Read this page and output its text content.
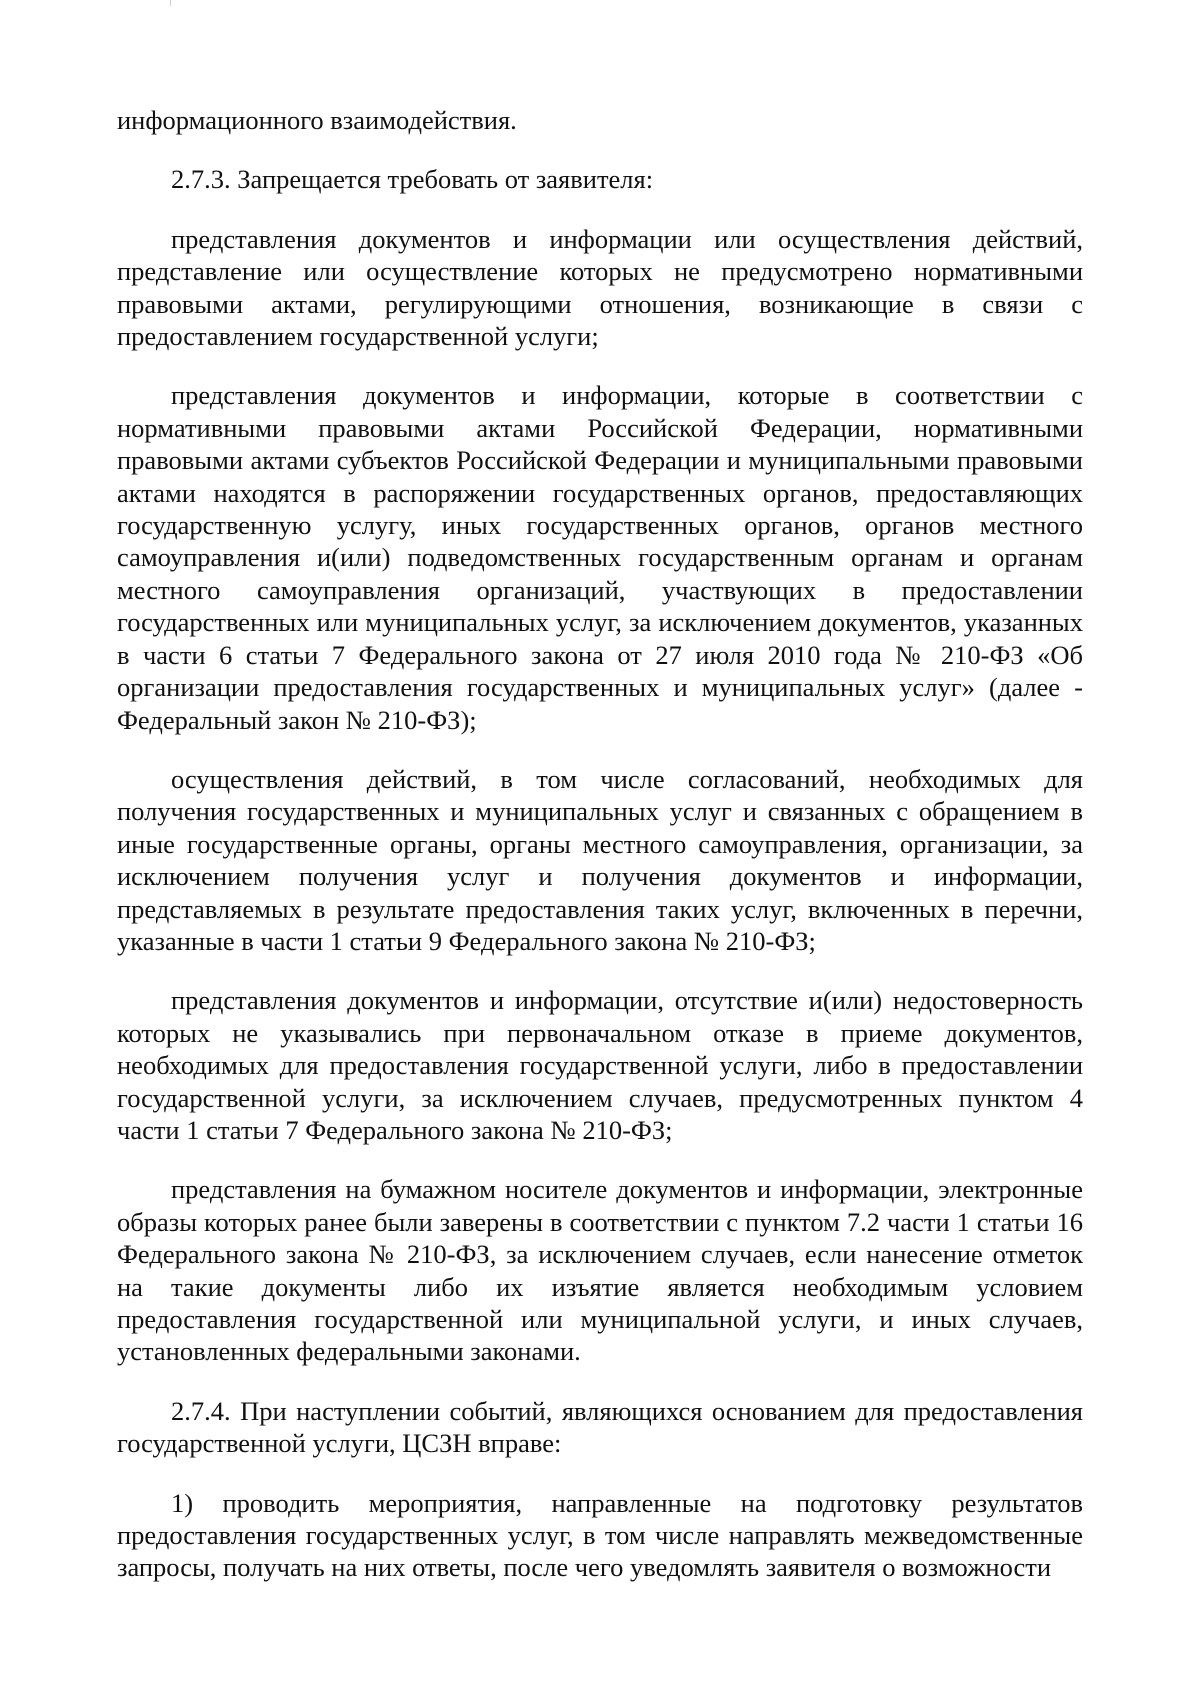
информационного взаимодействия.

2.7.3. Запрещается требовать от заявителя:

представления документов и информации или осуществления действий, представление или осуществление которых не предусмотрено нормативными правовыми актами, регулирующими отношения, возникающие в связи с предоставлением государственной услуги;

представления документов и информации, которые в соответствии с нормативными правовыми актами Российской Федерации, нормативными правовыми актами субъектов Российской Федерации и муниципальными правовыми актами находятся в распоряжении государственных органов, предоставляющих государственную услугу, иных государственных органов, органов местного самоуправления и(или) подведомственных государственным органам и органам местного самоуправления организаций, участвующих в предоставлении государственных или муниципальных услуг, за исключением документов, указанных в части 6 статьи 7 Федерального закона от 27 июля 2010 года № 210-ФЗ «Об организации предоставления государственных и муниципальных услуг» (далее - Федеральный закон № 210-ФЗ);

осуществления действий, в том числе согласований, необходимых для получения государственных и муниципальных услуг и связанных с обращением в иные государственные органы, органы местного самоуправления, организации, за исключением получения услуг и получения документов и информации, представляемых в результате предоставления таких услуг, включенных в перечни, указанные в части 1 статьи 9 Федерального закона № 210-ФЗ;

представления документов и информации, отсутствие и(или) недостоверность которых не указывались при первоначальном отказе в приеме документов, необходимых для предоставления государственной услуги, либо в предоставлении государственной услуги, за исключением случаев, предусмотренных пунктом 4 части 1 статьи 7 Федерального закона № 210-ФЗ;

представления на бумажном носителе документов и информации, электронные образы которых ранее были заверены в соответствии с пунктом 7.2 части 1 статьи 16 Федерального закона № 210-ФЗ, за исключением случаев, если нанесение отметок на такие документы либо их изъятие является необходимым условием предоставления государственной или муниципальной услуги, и иных случаев, установленных федеральными законами.

2.7.4. При наступлении событий, являющихся основанием для предоставления государственной услуги, ЦСЗН вправе:

1) проводить мероприятия, направленные на подготовку результатов предоставления государственных услуг, в том числе направлять межведомственные запросы, получать на них ответы, после чего уведомлять заявителя о возможности
